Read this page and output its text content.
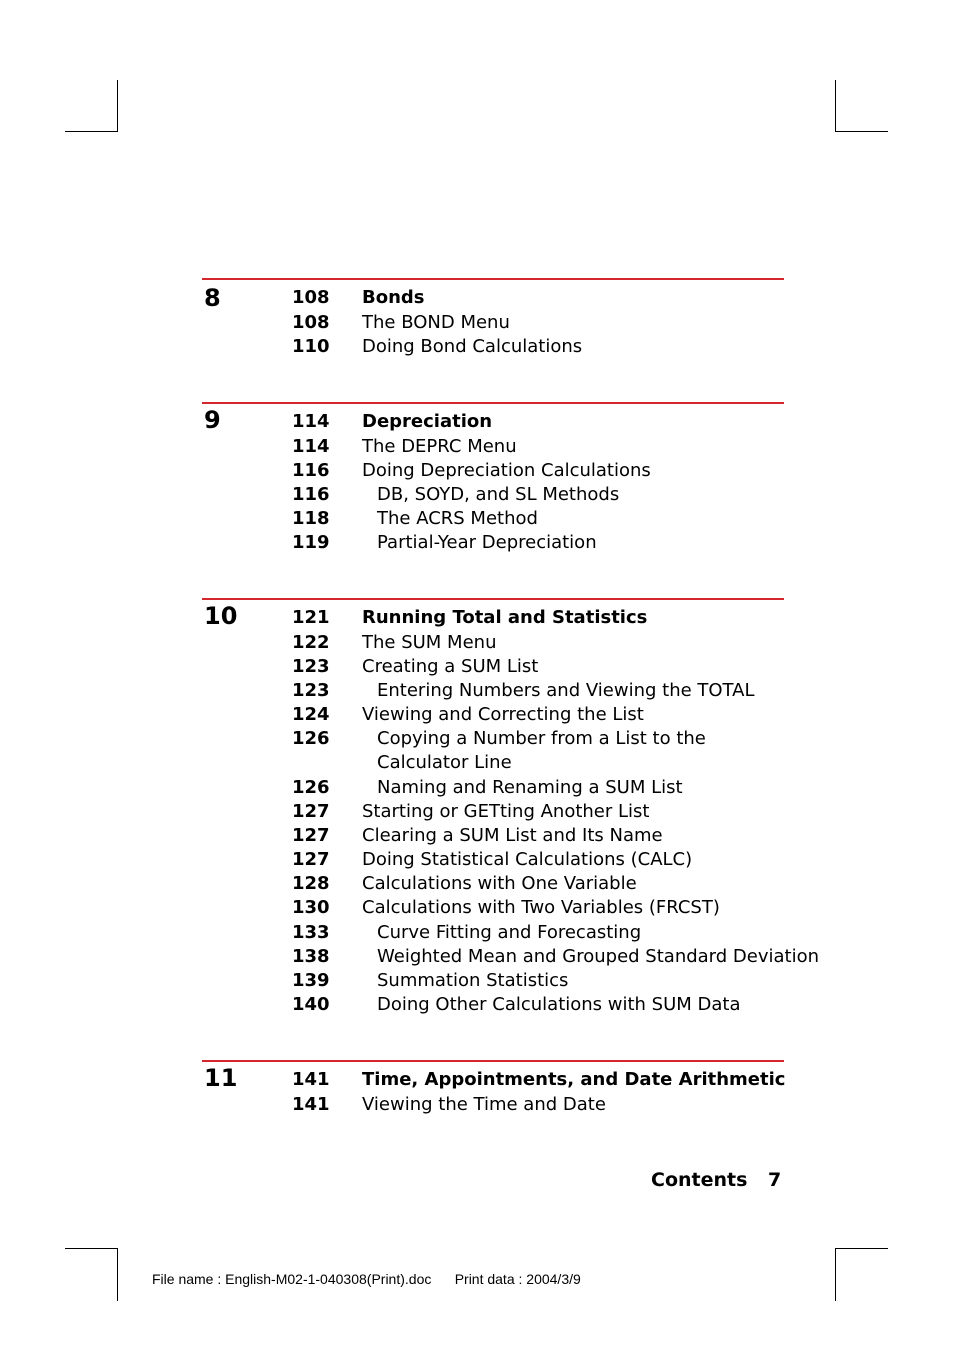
8	108 Bonds
108 The BOND Menu
110 Doing Bond Calculations
9	114 Depreciation
114 The DEPRC Menu
116 Doing Depreciation Calculations
116	DB, SOYD, and SL Methods
118	The ACRS Method
119	Partial-Year Depreciation
10	121 Running Total and Statistics
122 The SUM Menu
123 Creating a SUM List
123	Entering Numbers and Viewing the TOTAL
124 Viewing and Correcting the List
126	Copying a Number from a List to the Calculator Line
126	Naming and Renaming a SUM List
127 Starting or GETting Another List
127 Clearing a SUM List and Its Name
127 Doing Statistical Calculations (CALC)
128 Calculations with One Variable
130 Calculations with Two Variables (FRCST)
133	Curve Fitting and Forecasting
138	Weighted Mean and Grouped Standard Deviation
139	Summation Statistics
140	Doing Other Calculations with SUM Data
11	141 Time, Appointments, and Date Arithmetic
141 Viewing the Time and Date
Contents 7
File name : English-M02-1-040308(Print).doc      Print data : 2004/3/9
